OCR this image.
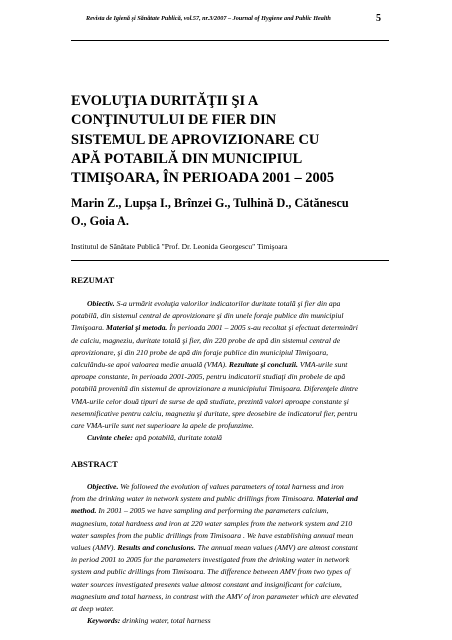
Revista de Igienă şi Sănătate Publică, vol.57, nr.3/2007 – Journal of Hygiene and Public Health	5
EVOLUŢIA DURITĂŢII ŞI A
CONŢINUTULUI DE FIER DIN
SISTEMUL DE APROVIZIONARE CU
APĂ POTABILĂ DIN MUNICIPIUL
TIMIŞOARA, ÎN PERIOADA 2001 – 2005
Marin Z., Lupşa I., Brînzei G., Tulhină D., Cătănescu
O., Goia A.
Institutul de Sănătate Publică "Prof. Dr. Leonida Georgescu" Timişoara
REZUMAT
Obiectiv. S-a urmărit evoluţia valorilor indicatorilor duritate totală şi fier din apa
potabilă, din sistemul central de aprovizionare şi din unele foraje publice din municipiul
Timişoara. Material şi metoda. În perioada 2001 – 2005 s-au recoltat şi efectuat determinări
de calciu, magneziu, duritate totală şi fier, din 220 probe de apă din sistemul central de
aprovizionare, şi din 210 probe de apă din foraje publice din municipiul Timişoara,
calculându-se apoi valoarea medie anuală (VMA). Rezultate şi concluzii. VMA-urile sunt
aproape constante, în perioada 2001-2005, pentru indicatorii studiaţi din probele de apă
potabilă provenită din sistemul de aprovizionare a municipiului Timişoara. Diferenţele dintre
VMA-urile celor două tipuri de surse de apă studiate, prezintă valori aproape constante şi
nesemnificative pentru calciu, magneziu şi duritate, spre deosebire de indicatorul fier, pentru
care VMA-urile sunt net superioare la apele de profunzime.
Cuvinte cheie: apă potabilă, duritate totală
ABSTRACT
Objective. We followed the evolution of values parameters of total harness and iron
from the drinking water in network system and public drillings from Timisoara. Material and
method. In 2001 – 2005 we have sampling and performing the parameters calcium,
magnesium, total hardness and iron at 220 water samples from the network system and 210
water samples from the public drillings from Timisoara . We have establishing annual mean
values (AMV). Results and conclusions. The annual mean values (AMV) are almost constant
in period 2001 to 2005 for the parameters investigated from the drinking water in network
system and public drillings from Timisoara. The difference between AMV from two types of
water sources investigated presents value almost constant and insignificant for calcium,
magnesium and total harness, in contrast with the AMV of iron parameter which are elevated
at deep water.
Keywords: drinking water, total harness
